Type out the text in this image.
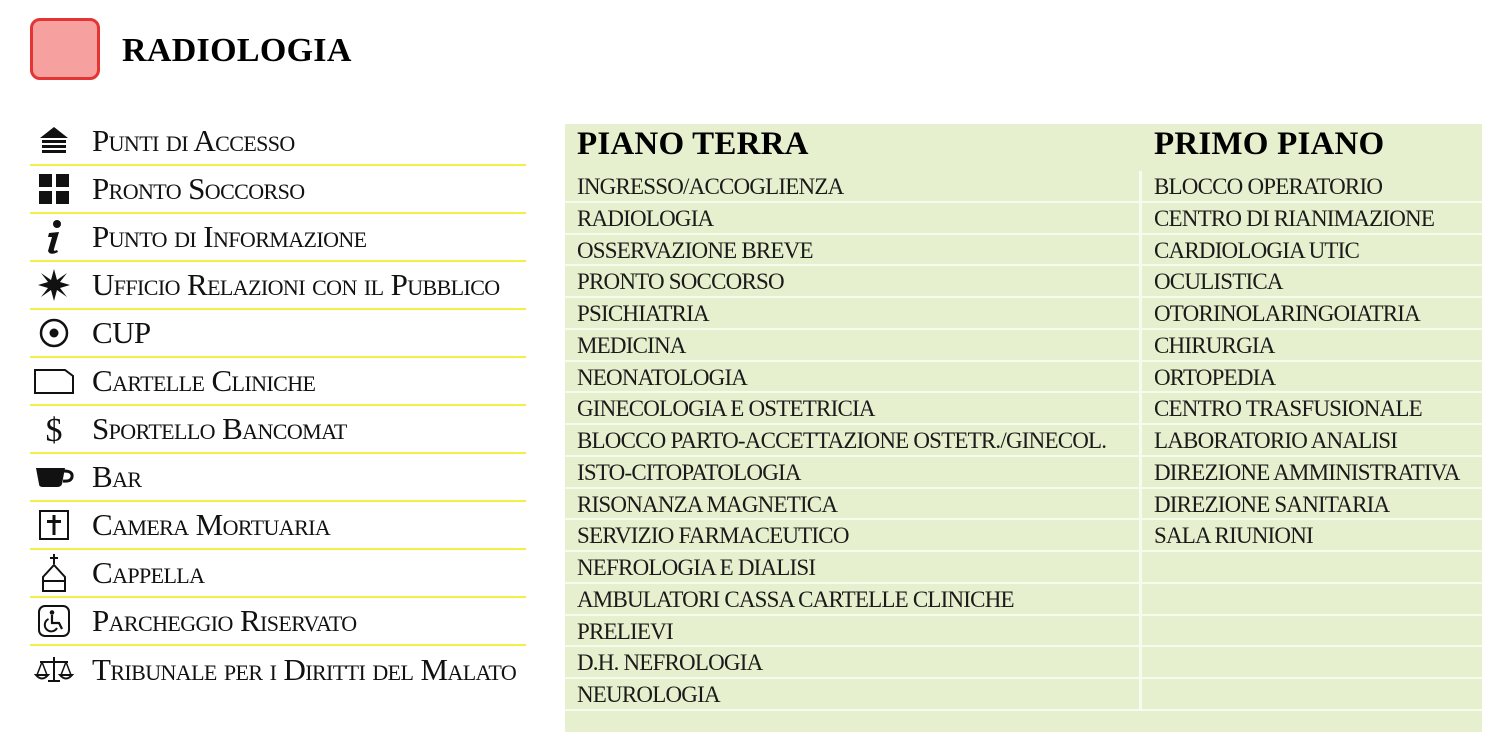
RADIOLOGIA
Punti di Accesso
Pronto Soccorso
Punto di Informazione
Ufficio Relazioni con il Pubblico
CUP
Cartelle Cliniche
$ Sportello Bancomat
Bar
Camera Mortuaria
Cappella
Parcheggio Riservato
Tribunale per i Diritti del Malato
PIANO TERRA
INGRESSO/ACCOGLIENZA
RADIOLOGIA
OSSERVAZIONE BREVE
PRONTO SOCCORSO
PSICHIATRIA
MEDICINA
NEONATOLOGIA
GINECOLOGIA E OSTETRICIA
BLOCCO PARTO-ACCETTAZIONE OSTETR./GINECOL.
ISTO-CITOPATOLOGIA
RISONANZA MAGNETICA
SERVIZIO FARMACEUTICO
NEFROLOGIA E DIALISI
AMBULATORI CASSA CARTELLE CLINICHE
PRELIEVI
D.H. NEFROLOGIA
NEUROLOGIA
PRIMO PIANO
BLOCCO OPERATORIO
CENTRO DI RIANIMAZIONE
CARDIOLOGIA UTIC
OCULISTICA
OTORINOLARINGOIATRIA
CHIRURGIA
ORTOPEDIA
CENTRO TRASFUSIONALE
LABORATORIO ANALISI
DIREZIONE AMMINISTRATIVA
DIREZIONE SANITARIA
SALA RIUNIONI
